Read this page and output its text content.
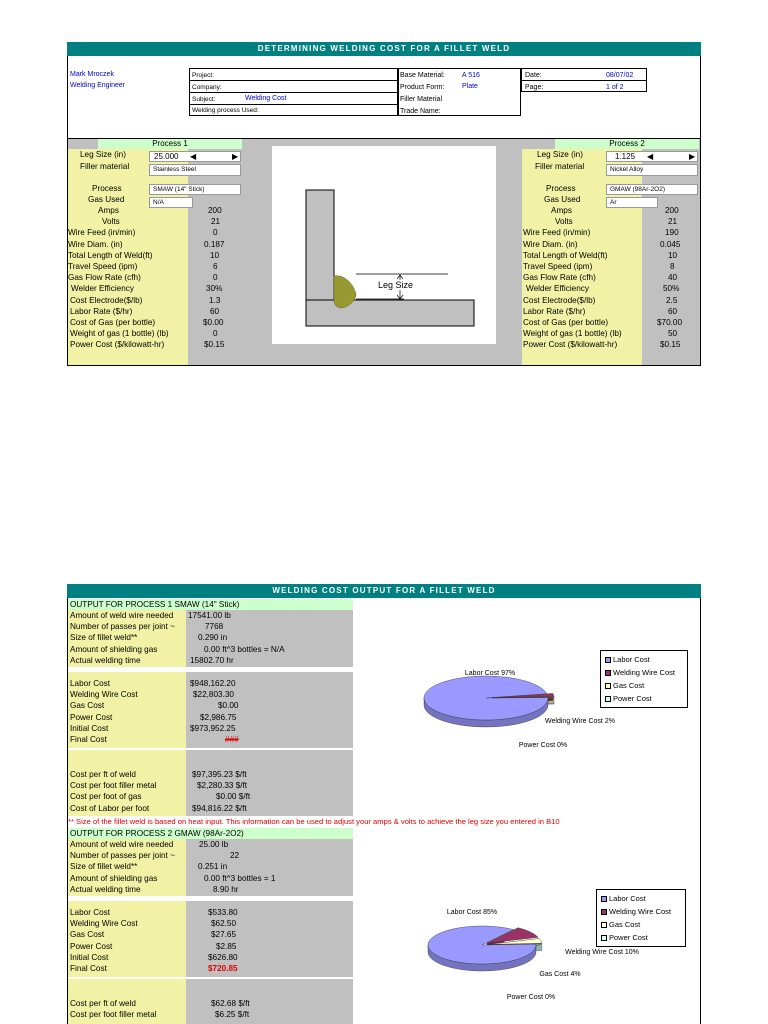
DETERMINING WELDING COST FOR A FILLET WELD
Mark Mroczek
Welding Engineer
Project:
Company:
Subject:	Welding Cost
Welding process Used:
Base Material: A 516
Product Form:	Plate
Filler Material
Trade Name:
Date:	08/07/02
Page:	1 of 2
Process 1
Leg Size (in)	25.000 ◀	▶
Filler material	Stainless Steel
Process	SMAW (14" Stick)
Gas Used	N/A
Amps	200
Volts	21
Wire Feed (in/min)	0
Wire Diam. (in)	0.187
Total Length of Weld(ft)	10
Travel Speed (ipm)	6
Gas Flow Rate (cfh)	0
Welder Efficiency	30%
Cost Electrode($/lb)	1.3
Labor Rate ($/hr)	60
Cost of Gas (per bottle)	$0.00
Weight of gas (1 bottle) (lb)	0
Power Cost ($/kilowatt-hr)	$0.15
Leg Size
Process 2
Leg Size (in)	1.125 ◀	▶
Filler material	Nickel Alloy
Process	GMAW (98Ar-2O2)
Gas Used	Ar
Amps	200
Volts	21
Wire Feed (in/min)	190
Wire Diam. (in)	0.045
Total Length of Weld(ft)	10
Travel Speed (ipm)	8
Gas Flow Rate (cfh)	40
Welder Efficiency	50%
Cost Electrode($/lb)	2.5
Labor Rate ($/hr)	60
Cost of Gas (per bottle)	$70.00
Weight of gas (1 bottle) (lb)	50
Power Cost ($/kilowatt-hr)	$0.15
WELDING COST OUTPUT FOR A FILLET WELD
OUTPUT FOR PROCESS 1 SMAW (14" Stick)
Amount of weld wire needed 17541.00 lb
Number of passes per joint ~	7768
Size of fillet weld**	0.290 in
Amount of shielding gas	0.00 ft^3 bottles = N/A
Actual welding time	15802.70 hr
Labor Cost	$948,162.20
Welding Wire Cost	$22,803.30
Gas Cost	$0.00
Power Cost	$2,986.75
Initial Cost	$973,952.25
Final Cost	###
Cost per ft of weld	$97,395.23 $/ft
Cost per foot filler metal	$2,280.33 $/ft
Cost per foot of gas	$0.00 $/ft
Cost of Labor per foot	$94,816.22 $/ft
** Size of the fillet weld is based on heat input. This information can be used to adjust your amps & volts to achieve the leg size you entered in B10
OUTPUT FOR PROCESS 2 GMAW (98Ar-2O2)
Amount of weld wire needed	25.00 lb
Number of passes per joint ~	22
Size of fillet weld**	0.251 in
Amount of shielding gas	0.00 ft^3 bottles = 1
Actual welding time	8.90 hr
Labor Cost	$533.80
Welding Wire Cost	$62.50
Gas Cost	$27.65
Power Cost	$2.85
Initial Cost	$626.80
Final Cost	$720.85
Cost per ft of weld	$62.68 $/ft
Cost per foot filler metal	$6.25 $/ft
Labor Cost 97%
Welding Wire Cost 2%
Power Cost 0%
Labor Cost
Welding Wire Cost
Gas Cost
Power Cost
Labor Cost 85%
Welding Wire Cost 10%
Gas Cost 4%
Power Cost 0%
Labor Cost
Welding Wire Cost
Gas Cost
Power Cost
